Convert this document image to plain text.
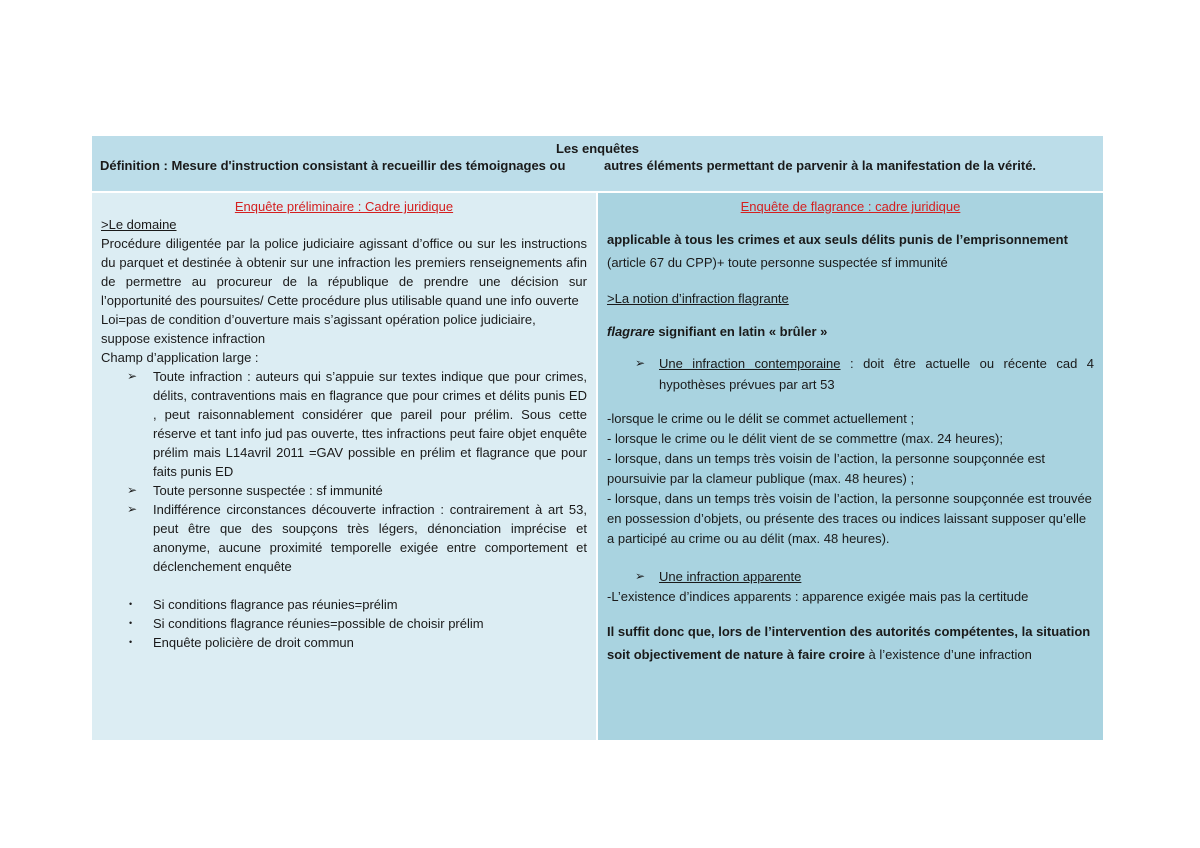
Les enquêtes
Définition : Mesure d'instruction consistant à recueillir des témoignages ou	autres éléments permettant de parvenir à la manifestation de la vérité.
Enquête préliminaire : Cadre juridique
>Le domaine
Procédure diligentée par la police judiciaire agissant d’office ou sur les instructions du parquet et destinée à obtenir sur une infraction les premiers renseignements afin de permettre au procureur de la république de prendre une décision sur l’opportunité des poursuites/ Cette procédure plus utilisable quand une info ouverte
Loi=pas de condition d’ouverture mais s’agissant opération police judiciaire, suppose existence infraction
Champ d’application large :
➢ Toute infraction : auteurs qui s’appuie sur textes indique que pour crimes, délits, contraventions mais en flagrance que pour crimes et délits punis ED , peut raisonnablement considérer que pareil pour prélim. Sous cette réserve et tant info jud pas ouverte, ttes infractions peut faire objet enquête prélim mais L14avril 2011 =GAV possible en prélim et flagrance que pour faits punis ED
➢ Toute personne suspectée : sf immunité
➢ Indifférence circonstances découverte infraction : contrairement à art 53, peut être que des soupçons très légers, dénonciation imprécise et anonyme, aucune proximité temporelle exigée entre comportement et déclenchement enquête
• Si conditions flagrance pas réunies=prélim
• Si conditions flagrance réunies=possible de choisir prélim
• Enquête policière de droit commun
Enquête de flagrance : cadre juridique
applicable à tous les crimes et aux seuls délits punis de l’emprisonnement (article 67 du CPP)+ toute personne suspectée sf immunité
>La notion d’infraction flagrante
flagrare signifiant en latin « brûler »
➢ Une infraction contemporaine : doit être actuelle ou récente cad 4 hypothèses prévues par art 53
-lorsque le crime ou le délit se commet actuellement ;
- lorsque le crime ou le délit vient de se commettre (max. 24 heures);
- lorsque, dans un temps très voisin de l’action, la personne soupçonnée est poursuivie par la clameur publique (max. 48 heures) ;
- lorsque, dans un temps très voisin de l’action, la personne soupçonnée est trouvée en possession d’objets, ou présente des traces ou indices laissant supposer qu’elle a participé au crime ou au délit (max. 48 heures).
➢ Une infraction apparente
-L’existence d’indices apparents : apparence exigée mais pas la certitude
Il suffit donc que, lors de l’intervention des autorités compétentes, la situation soit objectivement de nature à faire croire à l’existence d’une infraction
